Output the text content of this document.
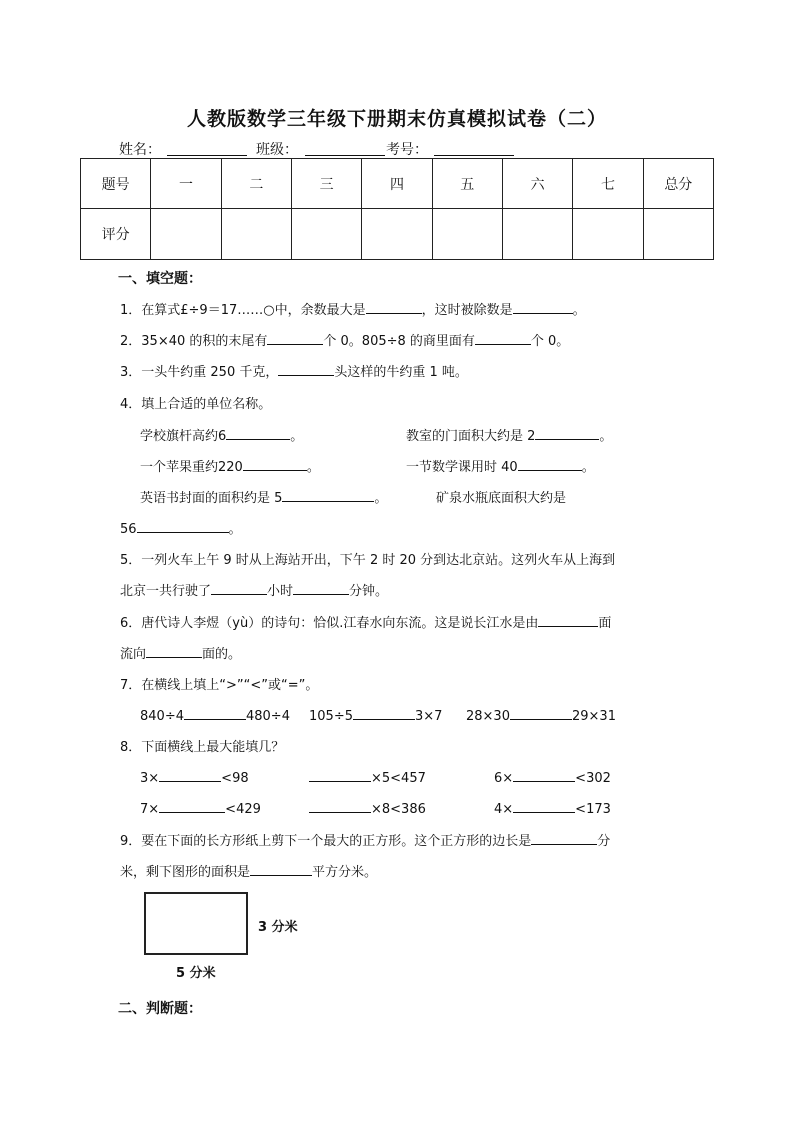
人教版数学三年级下册期末仿真模拟试卷（二）
姓名：	班级：	考号：
题号	一	二	三	四	五	六	七	总分
评分								
一、填空题：
1．在算式£÷9＝17……○中，余数最大是	，这时被除数是	。
2．35×40 的积的末尾有	个 0。805÷8 的商里面有	个 0。
3．一头牛约重 250 千克，	头这样的牛约重 1 吨。
4．填上合适的单位名称。
学校旗杆高约6	。	教室的门面积大约是 2	。
一个苹果重约220	。	一节数学课用时 40	。
英语书封面的面积约是 5	。	矿泉水瓶底面积大约是
56	。
5．一列火车上午 9 时从上海站开出，下午 2 时 20 分到达北京站。这列火车从上海到
北京一共行驶了	小时	分钟。
6．唐代诗人李煜（yù）的诗句：恰似.江春水向东流。这是说长江水是由	面
流向	面的。
7．在横线上填上“>”“<”或“=”。
840÷4	480÷4 105÷5	3×7 28×30	29×31
8．下面横线上最大能填几？
3×	<98	×5<457	6×	<302
7×	<429	×8<386	4×	<173
9．要在下面的长方形纸上剪下一个最大的正方形。这个正方形的边长是	分
米，剩下图形的面积是	平方分米。
3 分米
5 分米
二、判断题：
